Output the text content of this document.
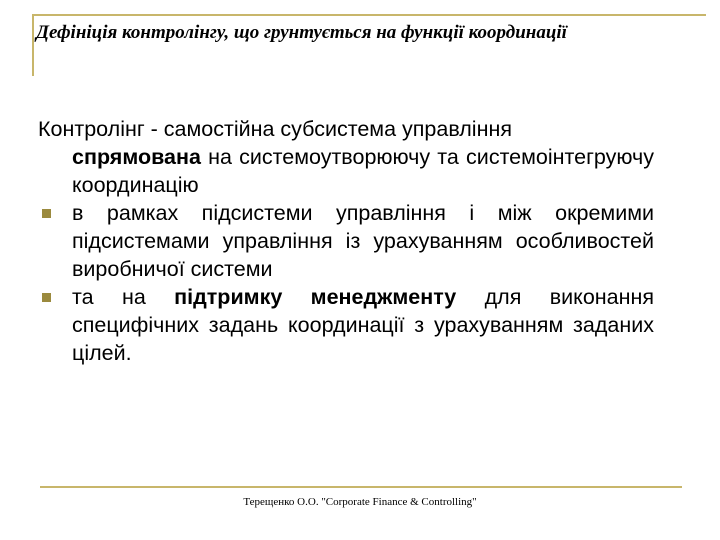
Дефініція контролінгу, що грунтується на функції координації
Контролінг - самостійна субсистема управління
спрямована на системоутворюючу та системоінтегруючу координацію
в рамках підсистеми управління і між окремими підсистемами управління із урахуванням особливостей виробничої системи
та на підтримку менеджменту для виконання специфічних задань координації з урахуванням заданих цілей.
Терещенко О.О. "Corporate Finance & Controlling"
